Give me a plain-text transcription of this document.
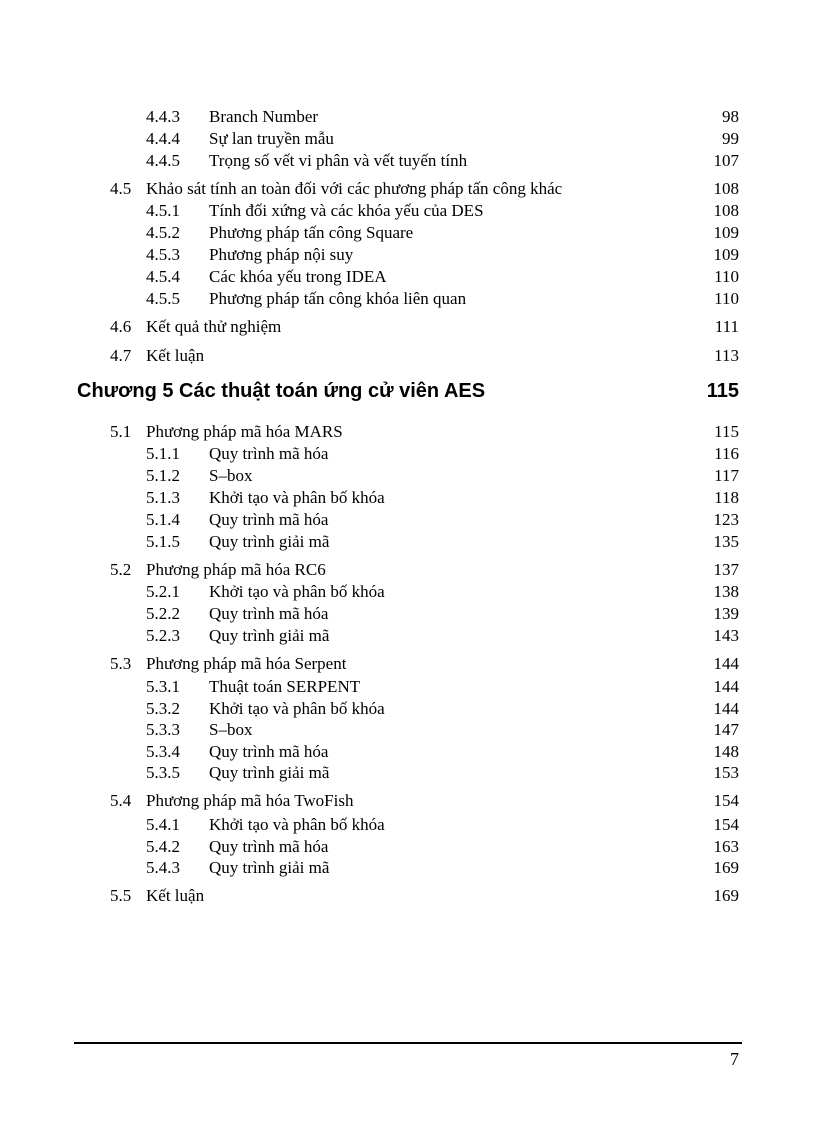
4.4.3 Branch Number	98
4.4.4 Sự lan truyền mẫu	99
4.4.5 Trọng số vết vi phân và vết tuyến tính	107
4.5 Khảo sát tính an toàn đối với các phương pháp tấn công khác	108
4.5.1 Tính đối xứng và các khóa yếu của DES	108
4.5.2 Phương pháp tấn công Square	109
4.5.3 Phương pháp nội suy	109
4.5.4 Các khóa yếu trong IDEA	110
4.5.5 Phương pháp tấn công khóa liên quan	110
4.6 Kết quả thử nghiệm	111
4.7 Kết luận	113
Chương 5 Các thuật toán ứng cử viên AES	115
5.1 Phương pháp mã hóa MARS	115
5.1.1 Quy trình mã hóa	116
5.1.2 S–box	117
5.1.3 Khởi tạo và phân bố khóa	118
5.1.4 Quy trình mã hóa	123
5.1.5 Quy trình giải mã	135
5.2 Phương pháp mã hóa RC6	137
5.2.1 Khởi tạo và phân bố khóa	138
5.2.2 Quy trình mã hóa	139
5.2.3 Quy trình giải mã	143
5.3 Phương pháp mã hóa Serpent	144
5.3.1 Thuật toán SERPENT	144
5.3.2 Khởi tạo và phân bố khóa	144
5.3.3 S–box	147
5.3.4 Quy trình mã hóa	148
5.3.5 Quy trình giải mã	153
5.4 Phương pháp mã hóa TwoFish	154
5.4.1 Khởi tạo và phân bố khóa	154
5.4.2 Quy trình mã hóa	163
5.4.3 Quy trình giải mã	169
5.5 Kết luận	169
7
